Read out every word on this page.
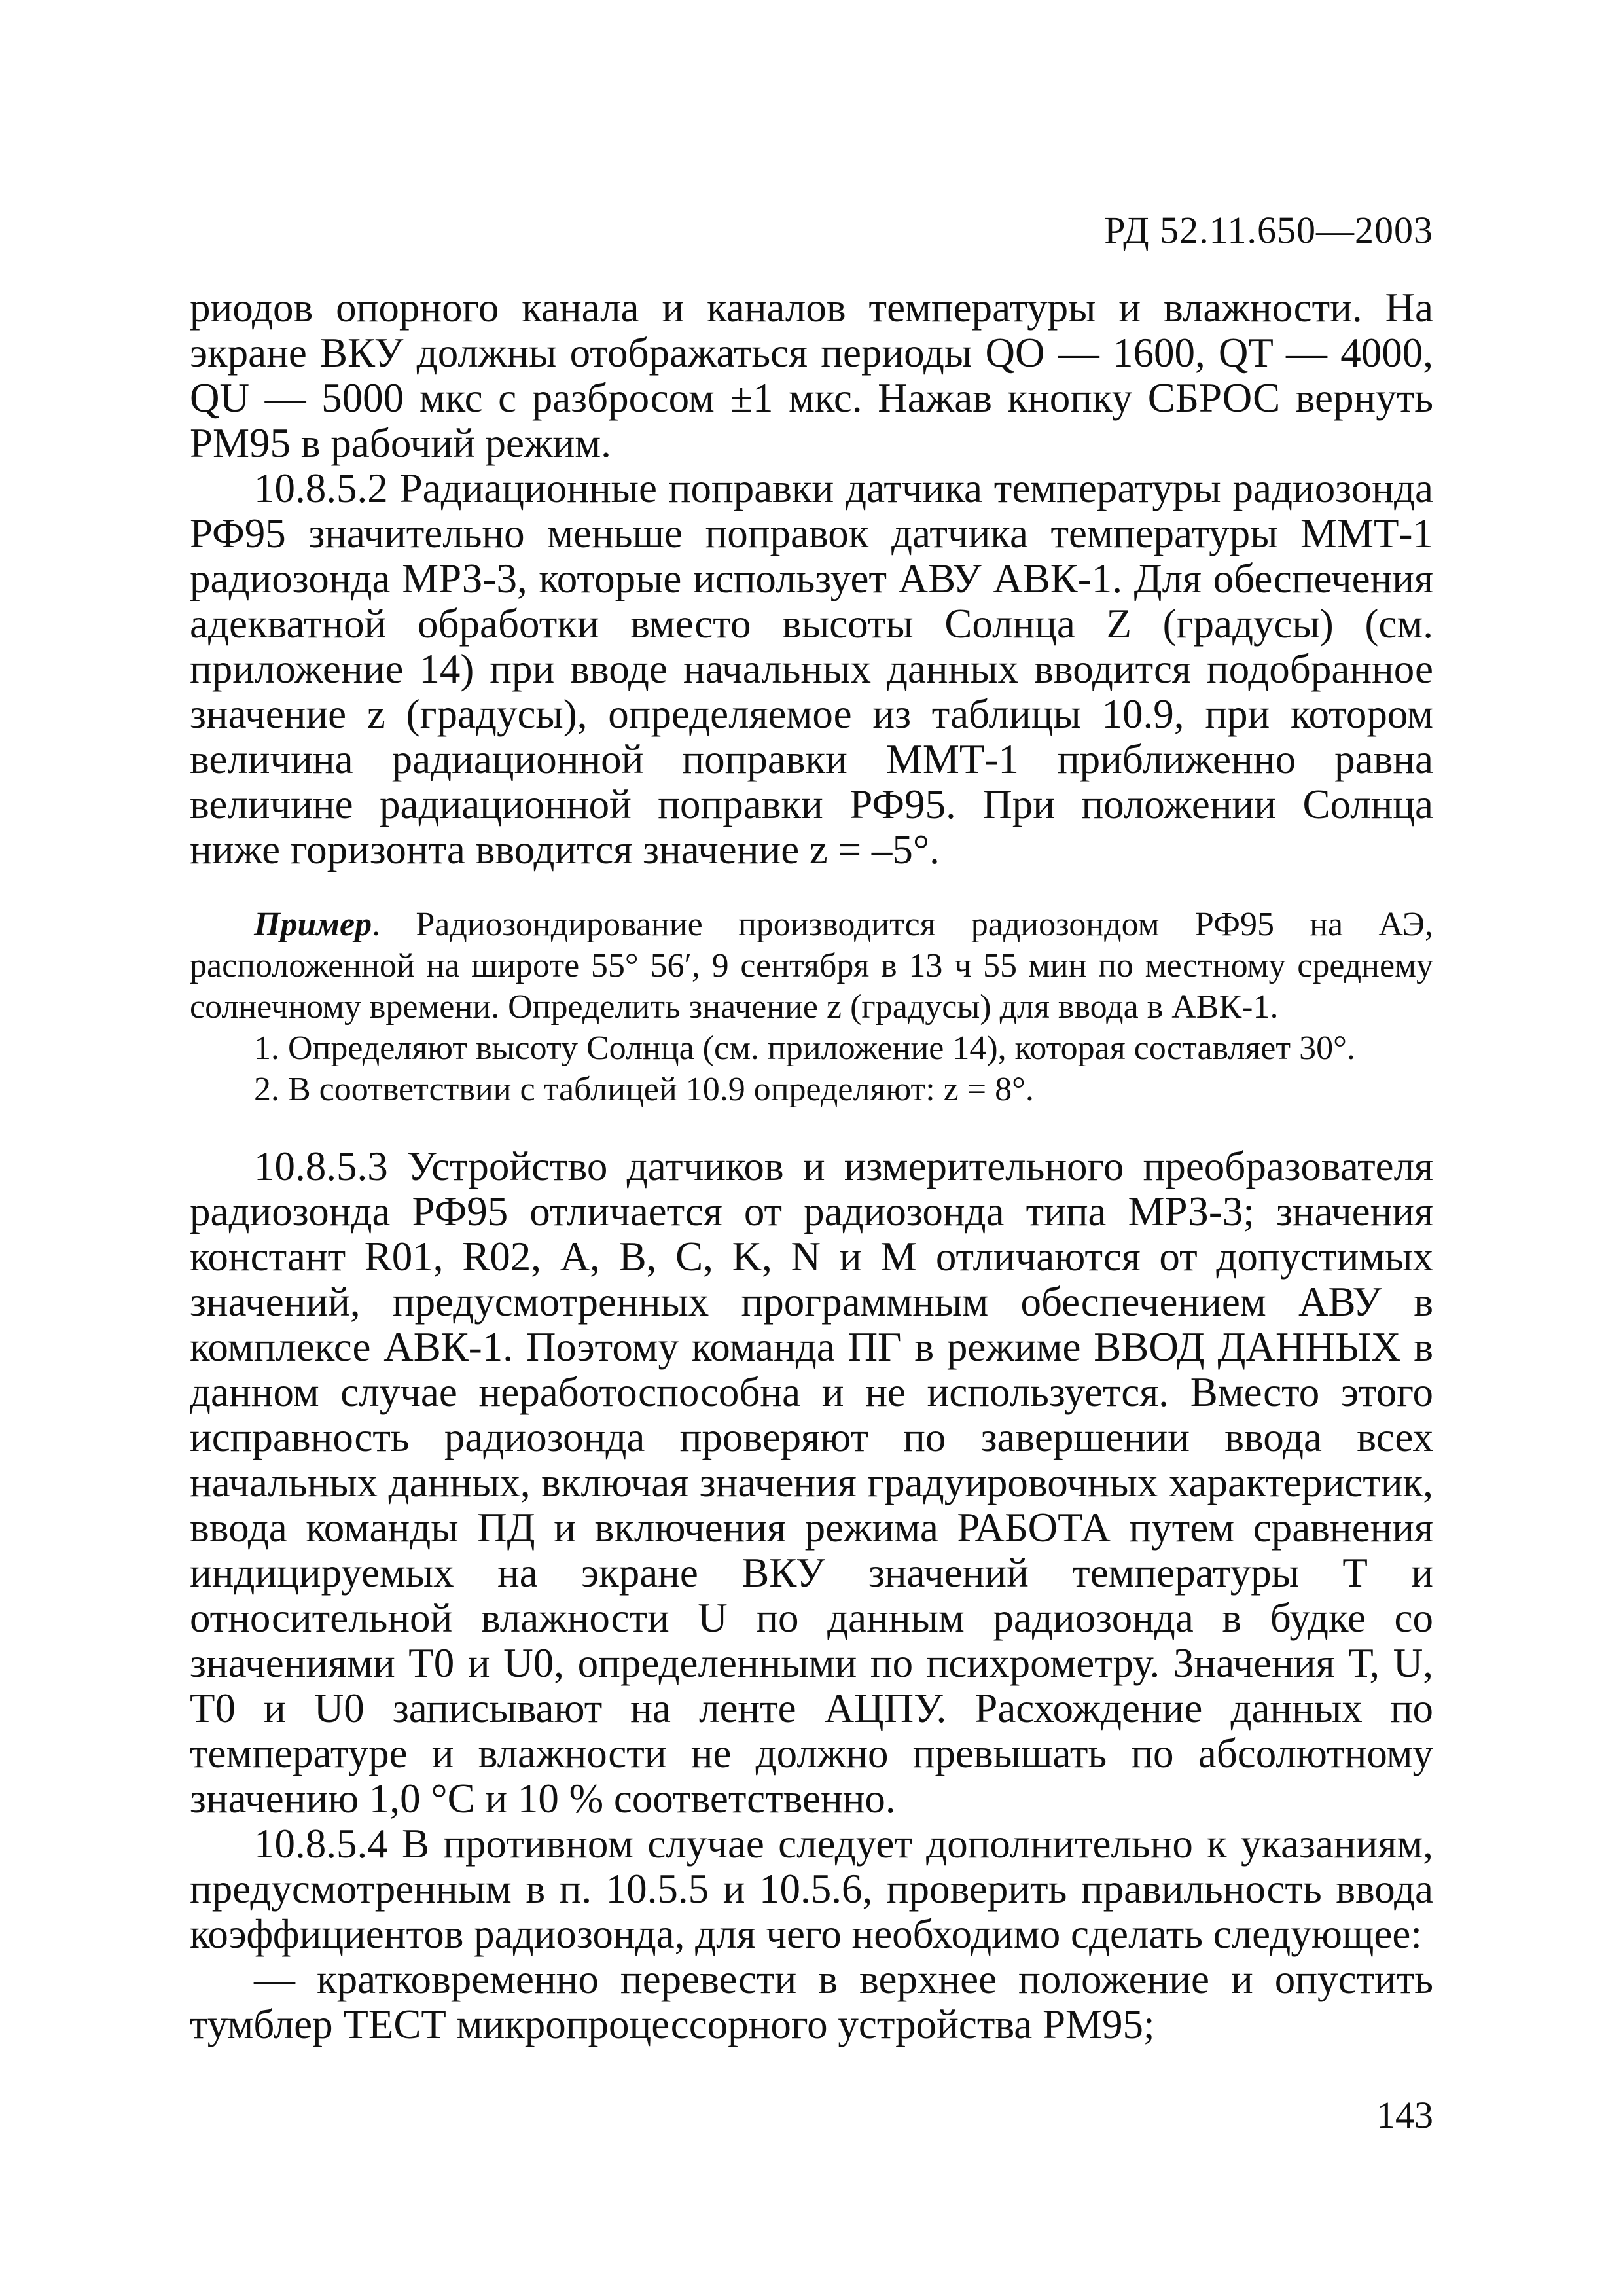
РД 52.11.650—2003

риодов опорного канала и каналов температуры и влажности. На экране ВКУ должны отображаться периоды QO — 1600, QT — 4000, QU — 5000 мкс с разбросом ±1 мкс. Нажав кнопку СБРОС вернуть РМ95 в рабочий режим.

10.8.5.2 Радиационные поправки датчика температуры радиозонда РФ95 значительно меньше поправок датчика температуры ММТ-1 радиозонда МРЗ-3, которые использует АВУ АВК-1. Для обеспечения адекватной обработки вместо высоты Солнца Z (градусы) (см. приложение 14) при вводе начальных данных вводится подобранное значение z (градусы), определяемое из таблицы 10.9, при котором величина радиационной поправки ММТ-1 приближенно равна величине радиационной поправки РФ95. При положении Солнца ниже горизонта вводится значение z = –5°.

Пример. Радиозондирование производится радиозондом РФ95 на АЭ, расположенной на широте 55° 56′, 9 сентября в 13 ч 55 мин по местному среднему солнечному времени. Определить значение z (градусы) для ввода в АВК-1.

1. Определяют высоту Солнца (см. приложение 14), которая составляет 30°.

2. В соответствии с таблицей 10.9 определяют: z = 8°.

10.8.5.3 Устройство датчиков и измерительного преобразователя радиозонда РФ95 отличается от радиозонда типа МРЗ-3; значения констант R01, R02, А, В, С, K, N и М отличаются от допустимых значений, предусмотренных программным обеспечением АВУ в комплексе АВК-1. Поэтому команда ПГ в режиме ВВОД ДАННЫХ в данном случае неработоспособна и не используется. Вместо этого исправность радиозонда проверяют по завершении ввода всех начальных данных, включая значения градуировочных характеристик, ввода команды ПД и включения режима РАБОТА путем сравнения индицируемых на экране ВКУ значений температуры Т и относительной влажности U по данным радиозонда в будке со значениями T0 и U0, определенными по психрометру. Значения Т, U, T0 и U0 записывают на ленте АЦПУ. Расхождение данных по температуре и влажности не должно превышать по абсолютному значению 1,0 °С и 10 % соответственно.

10.8.5.4 В противном случае следует дополнительно к указаниям, предусмотренным в п. 10.5.5 и 10.5.6, проверить правильность ввода коэффициентов радиозонда, для чего необходимо сделать следующее:

— кратковременно перевести в верхнее положение и опустить тумблер ТЕСТ микропроцессорного устройства РМ95;

143
